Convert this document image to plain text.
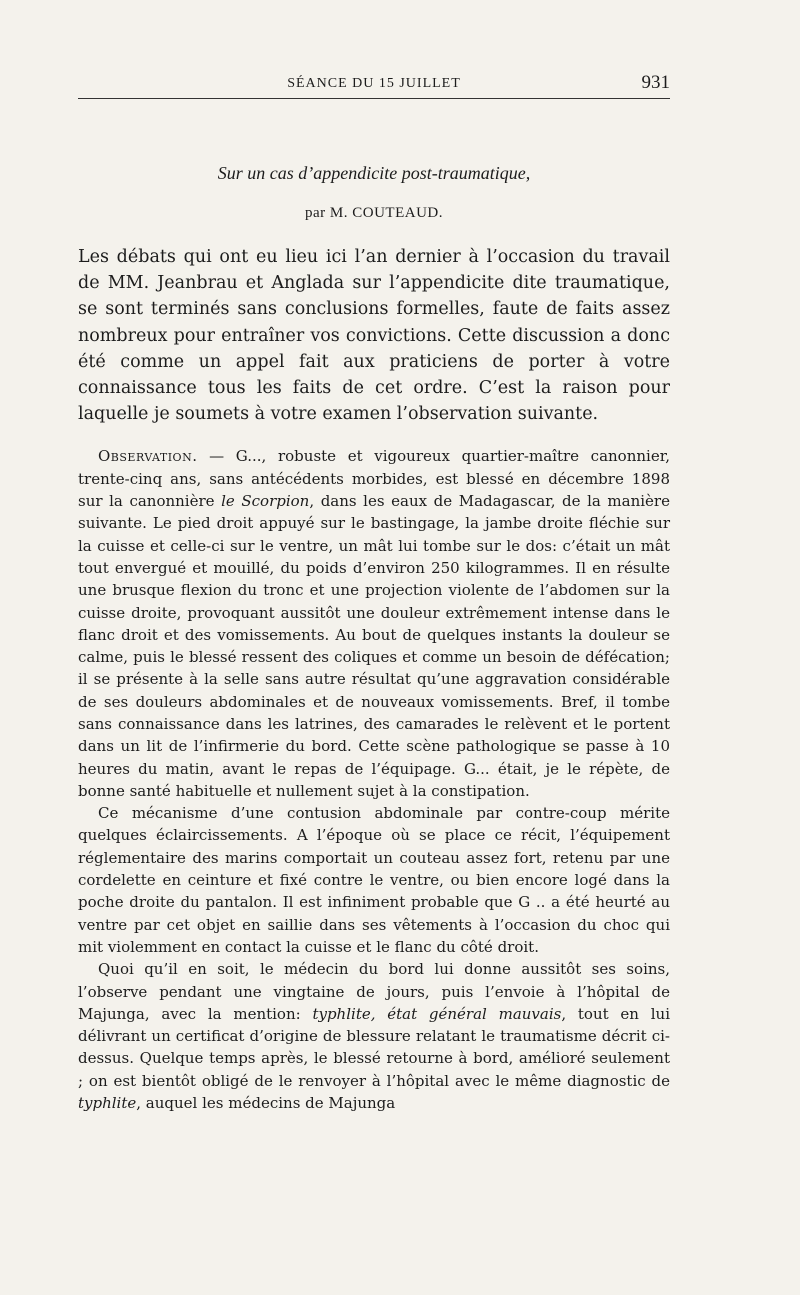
SÉANCE DU 15 JUILLET	931
Sur un cas d’appendicite post-traumatique,
par M. COUTEAUD.

Les débats qui ont eu lieu ici l’an dernier à l’occasion du travail de MM. Jeanbrau et Anglada sur l’appendicite dite traumatique, se sont terminés sans conclusions formelles, faute de faits assez nombreux pour entraîner vos convictions. Cette discussion a donc été comme un appel fait aux praticiens de porter à votre connaissance tous les faits de cet ordre. C’est la raison pour laquelle je soumets à votre examen l’observation suivante.

Observation. — G..., robuste et vigoureux quartier-maître canonnier, trente-cinq ans, sans antécédents morbides, est blessé en décembre 1898 sur la canonnière le Scorpion, dans les eaux de Madagascar, de la manière suivante. Le pied droit appuyé sur le bastingage, la jambe droite fléchie sur la cuisse et celle-ci sur le ventre, un mât lui tombe sur le dos: c’était un mât tout envergué et mouillé, du poids d’environ 250 kilogrammes. Il en résulte une brusque flexion du tronc et une projection violente de l’abdomen sur la cuisse droite, provoquant aussitôt une douleur extrêmement intense dans le flanc droit et des vomissements. Au bout de quelques instants la douleur se calme, puis le blessé ressent des coliques et comme un besoin de défécation; il se présente à la selle sans autre résultat qu’une aggravation considérable de ses douleurs abdominales et de nouveaux vomissements. Bref, il tombe sans connaissance dans les latrines, des camarades le relèvent et le portent dans un lit de l’infirmerie du bord. Cette scène pathologique se passe à 10 heures du matin, avant le repas de l’équipage. G... était, je le répète, de bonne santé habituelle et nullement sujet à la constipation.

Ce mécanisme d’une contusion abdominale par contre-coup mérite quelques éclaircissements. A l’époque où se place ce récit, l’équipement réglementaire des marins comportait un couteau assez fort, retenu par une cordelette en ceinture et fixé contre le ventre, ou bien encore logé dans la poche droite du pantalon. Il est infiniment probable que G .. a été heurté au ventre par cet objet en saillie dans ses vêtements à l’occasion du choc qui mit violemment en contact la cuisse et le flanc du côté droit.

Quoi qu’il en soit, le médecin du bord lui donne aussitôt ses soins, l’observe pendant une vingtaine de jours, puis l’envoie à l’hôpital de Majunga, avec la mention: typhlite, état général mauvais, tout en lui délivrant un certificat d’origine de blessure relatant le traumatisme décrit ci-dessus. Quelque temps après, le blessé retourne à bord, amélioré seulement ; on est bientôt obligé de le renvoyer à l’hôpital avec le même diagnostic de typhlite, auquel les médecins de Majunga
